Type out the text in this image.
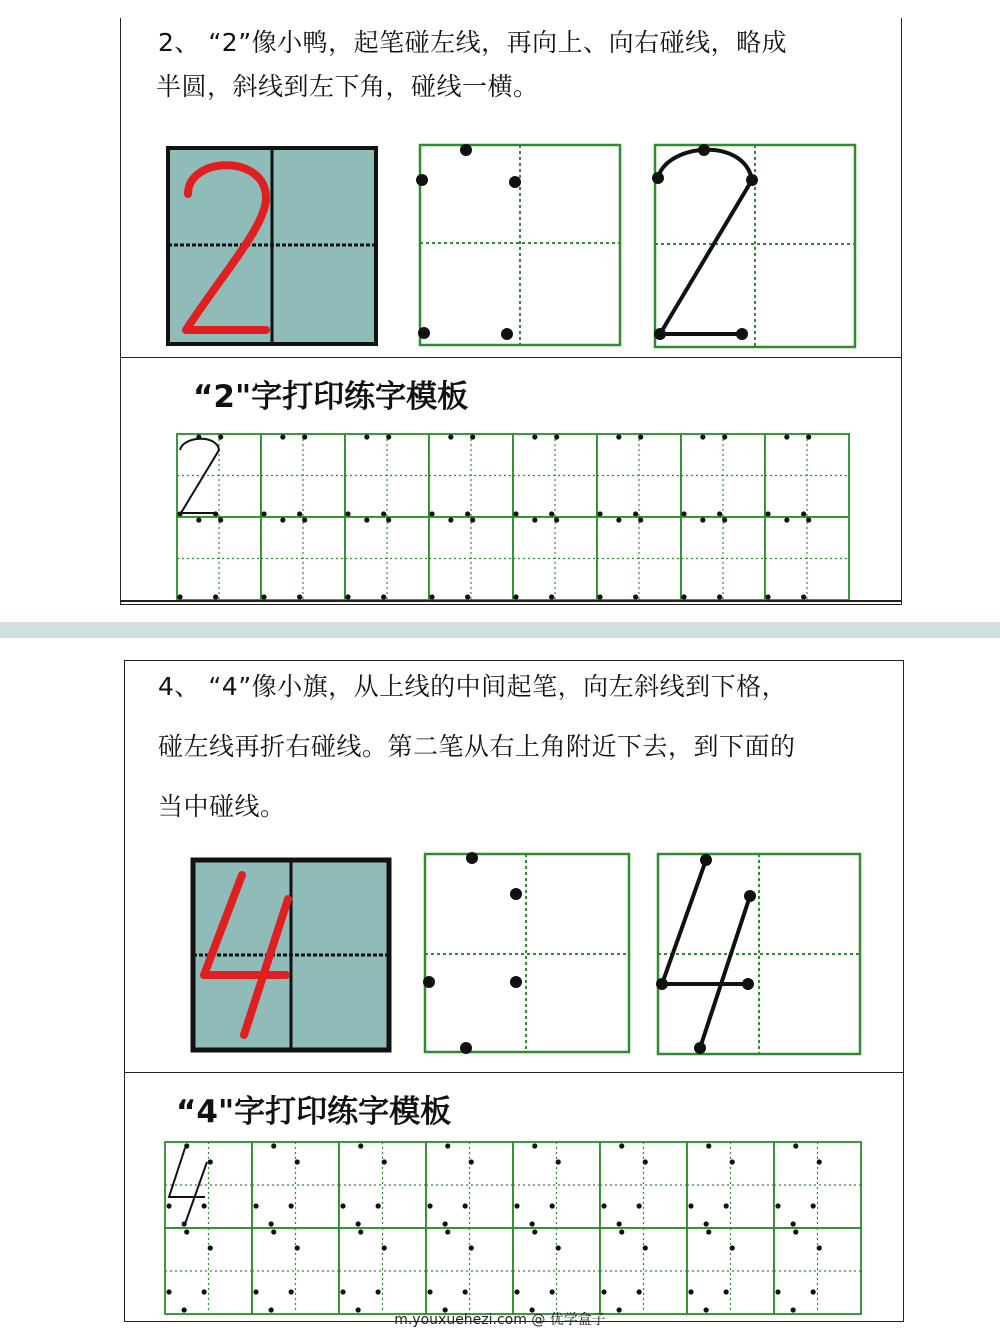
2、 “2”像小鸭，起笔碰左线，再向上、向右碰线，略成
半圆，斜线到左下角，碰线一横。
“2"字打印练字模板
4、 “4”像小旗，从上线的中间起笔，向左斜线到下格，
碰左线再折右碰线。第二笔从右上角附近下去，到下面的
当中碰线。
“4"字打印练字模板
m.youxuehezi.com @ 优学盒子
